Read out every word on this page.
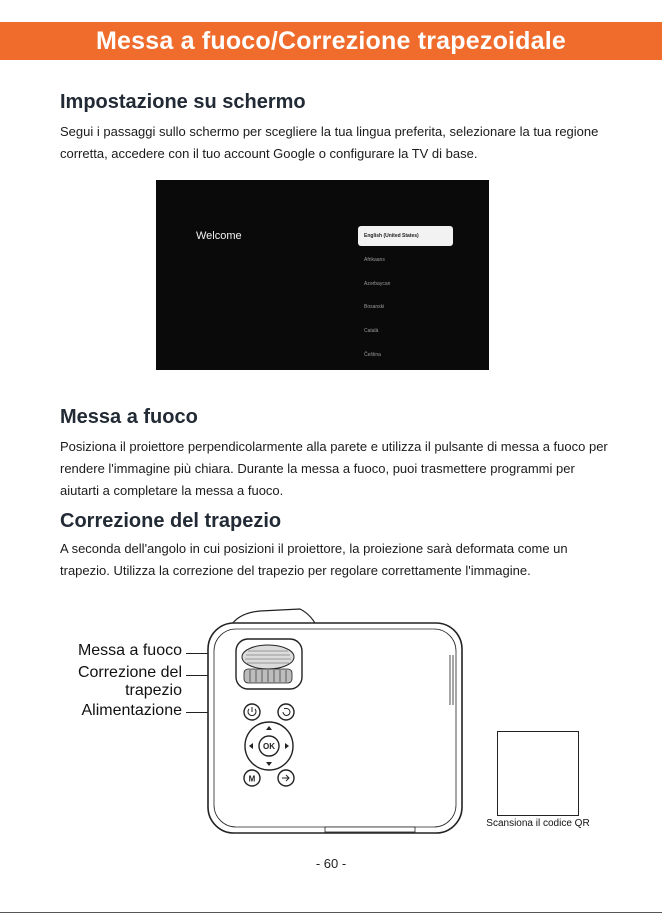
Messa a fuoco/Correzione trapezoidale
Impostazione su schermo
Segui i passaggi sullo schermo per scegliere la tua lingua preferita, selezionare la tua regione
corretta, accedere con il tuo account Google o configurare la TV di base.
Welcome	English (United States)
Afrikaans
Azərbaycan
Bosanski
Català
Čeština
Messa a fuoco
Posiziona il proiettore perpendicolarmente alla parete e utilizza il pulsante di messa a fuoco per
rendere l'immagine più chiara. Durante la messa a fuoco, puoi trasmettere programmi per
aiutarti a completare la messa a fuoco.
Correzione del trapezio
A seconda dell'angolo in cui posizioni il proiettore, la proiezione sarà deformata come un
trapezio. Utilizza la correzione del trapezio per regolare correttamente l'immagine.
Messa a fuoco
Correzione del
trapezio
Alimentazione
OK
M
Scansiona il codice QR
- 60 -
